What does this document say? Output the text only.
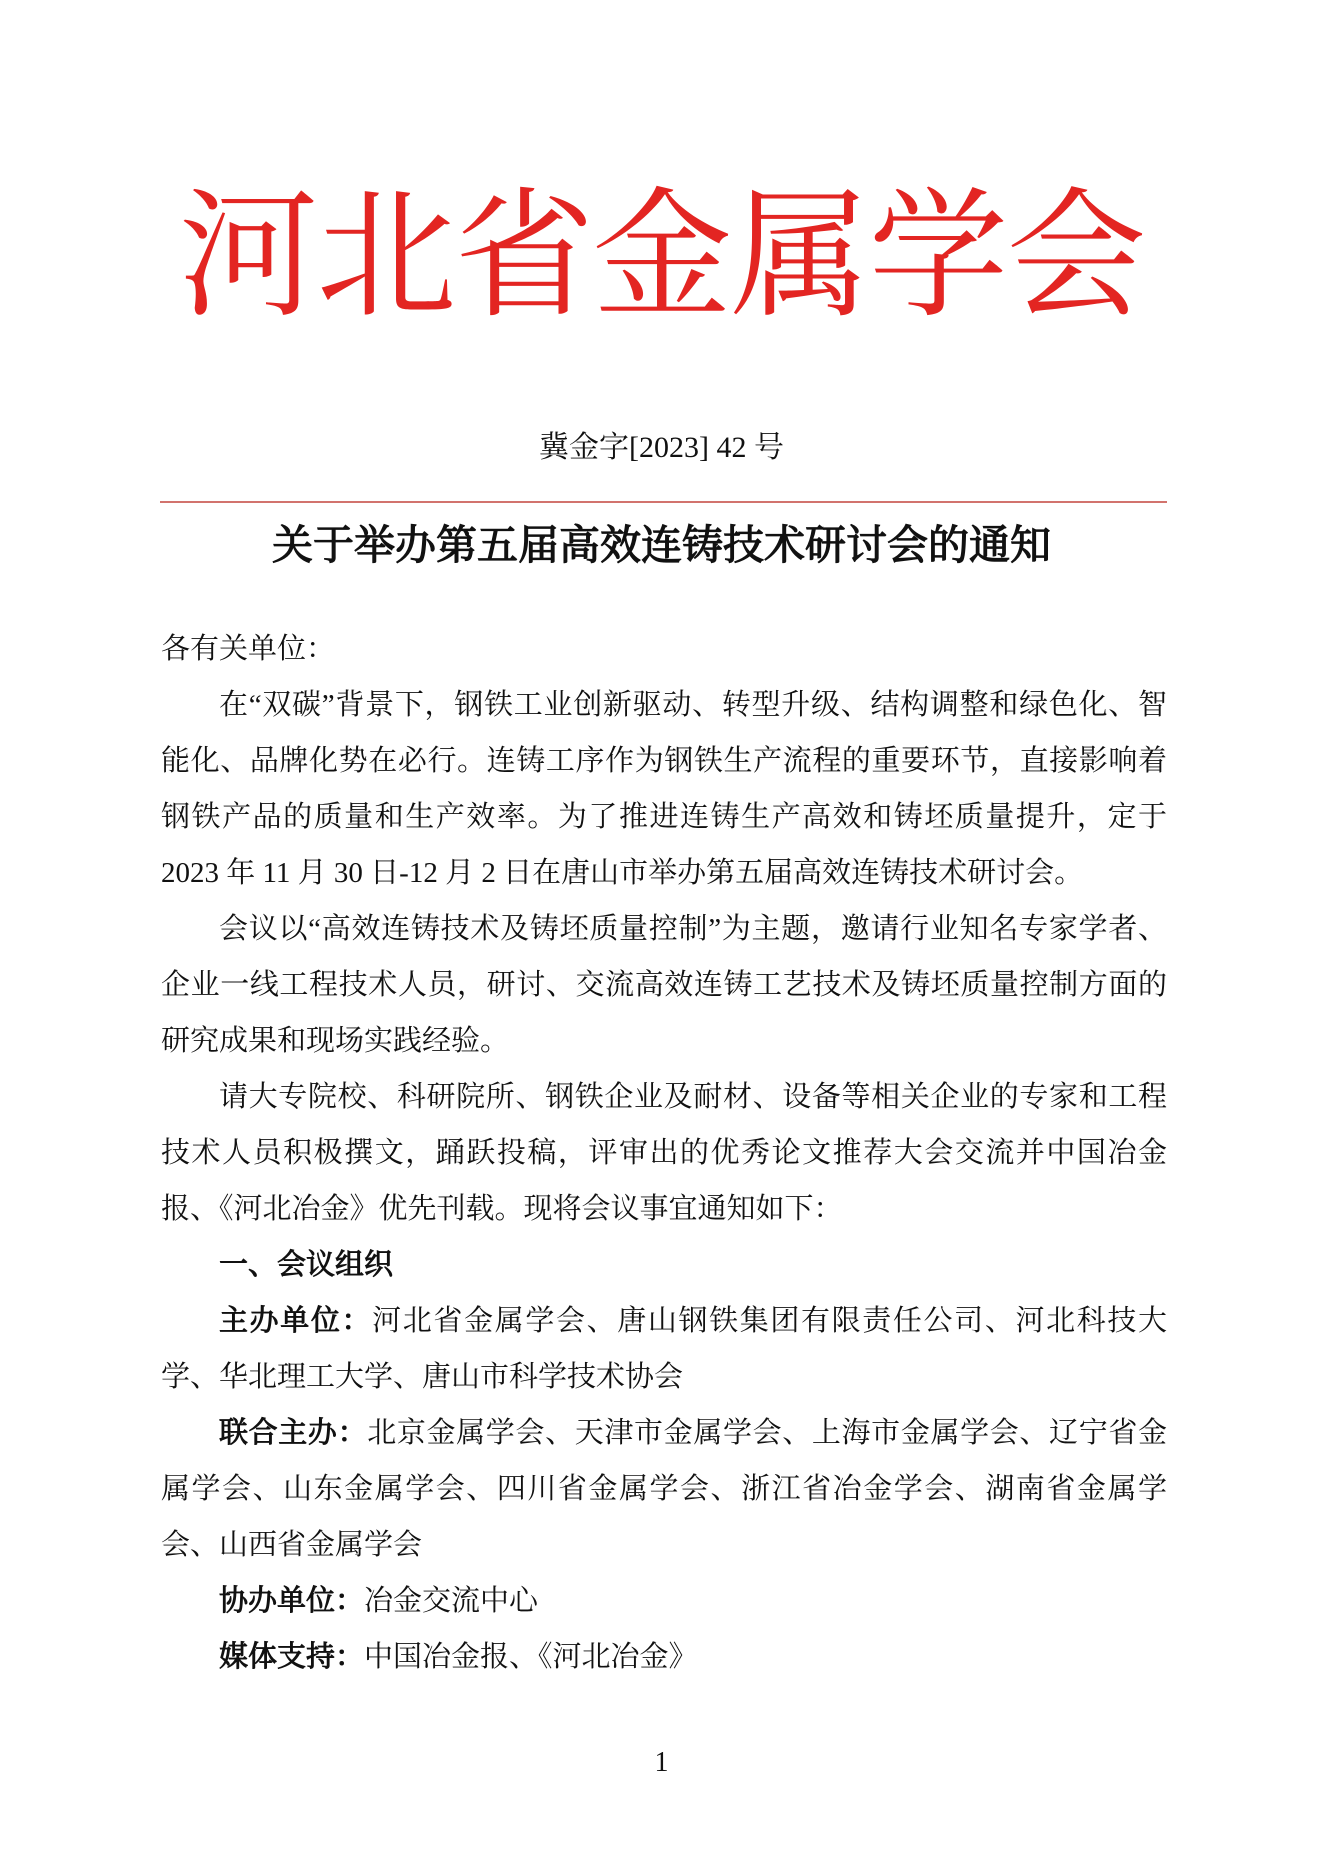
河北省金属学会
冀金字[2023] 42 号
关于举办第五届高效连铸技术研讨会的通知

各有关单位：

在“双碳”背景下，钢铁工业创新驱动、转型升级、结构调整和绿色化、智能化、品牌化势在必行。连铸工序作为钢铁生产流程的重要环节，直接影响着钢铁产品的质量和生产效率。为了推进连铸生产高效和铸坯质量提升，定于 2023 年 11 月 30 日-12 月 2 日在唐山市举办第五届高效连铸技术研讨会。

会议以“高效连铸技术及铸坯质量控制”为主题，邀请行业知名专家学者、企业一线工程技术人员，研讨、交流高效连铸工艺技术及铸坯质量控制方面的研究成果和现场实践经验。

请大专院校、科研院所、钢铁企业及耐材、设备等相关企业的专家和工程技术人员积极撰文，踊跃投稿，评审出的优秀论文推荐大会交流并中国冶金报、《河北冶金》优先刊载。现将会议事宜通知如下：

一、会议组织

主办单位：河北省金属学会、唐山钢铁集团有限责任公司、河北科技大学、华北理工大学、唐山市科学技术协会

联合主办：北京金属学会、天津市金属学会、上海市金属学会、辽宁省金属学会、山东金属学会、四川省金属学会、浙江省冶金学会、湖南省金属学会、山西省金属学会

协办单位：冶金交流中心

媒体支持：中国冶金报、《河北冶金》

1
